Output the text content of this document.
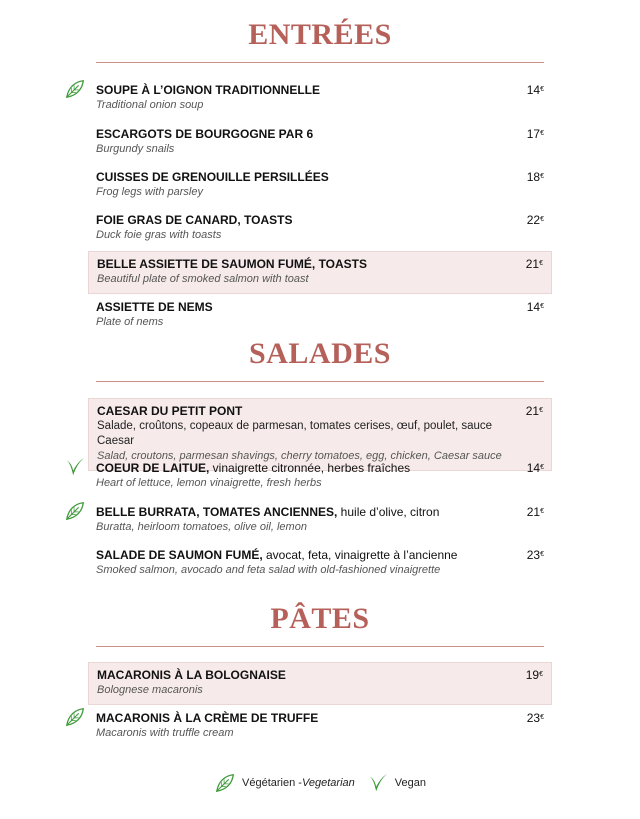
ENTRÉES
SOUPE À L’OIGNON TRADITIONNELLE
Traditional onion soup
14€
ESCARGOTS DE BOURGOGNE PAR 6
Burgundy snails
17€
CUISSES DE GRENOUILLE PERSILLÉES
Frog legs with parsley
18€
FOIE GRAS DE CANARD, TOASTS
Duck foie gras with toasts
22€
BELLE ASSIETTE DE SAUMON FUMÉ, TOASTS
Beautiful plate of smoked salmon with toast
21€
ASSIETTE DE NEMS
Plate of nems
14€
SALADES
CAESAR DU PETIT PONT
Salade, croûtons, copeaux de parmesan, tomates cerises, œuf, poulet, sauce Caesar
Salad, croutons, parmesan shavings, cherry tomatoes, egg, chicken, Caesar sauce
21€
COEUR DE LAITUE, vinaigrette citronnée, herbes fraîches
Heart of lettuce, lemon vinaigrette, fresh herbs
14€
BELLE BURRATA, TOMATES ANCIENNES, huile d’olive, citron
Buratta, heirloom tomatoes, olive oil, lemon
21€
SALADE DE SAUMON FUMÉ, avocat, feta, vinaigrette à l’ancienne
Smoked salmon, avocado and feta salad with old-fashioned vinaigrette
23€
PÂTES
MACARONIS À LA BOLOGNAISE
Bolognese macaronis
19€
MACARONIS À LA CRÈME DE TRUFFE
Macaronis with truffle cream
23€
Végétarien - Vegetarian	Vegan
